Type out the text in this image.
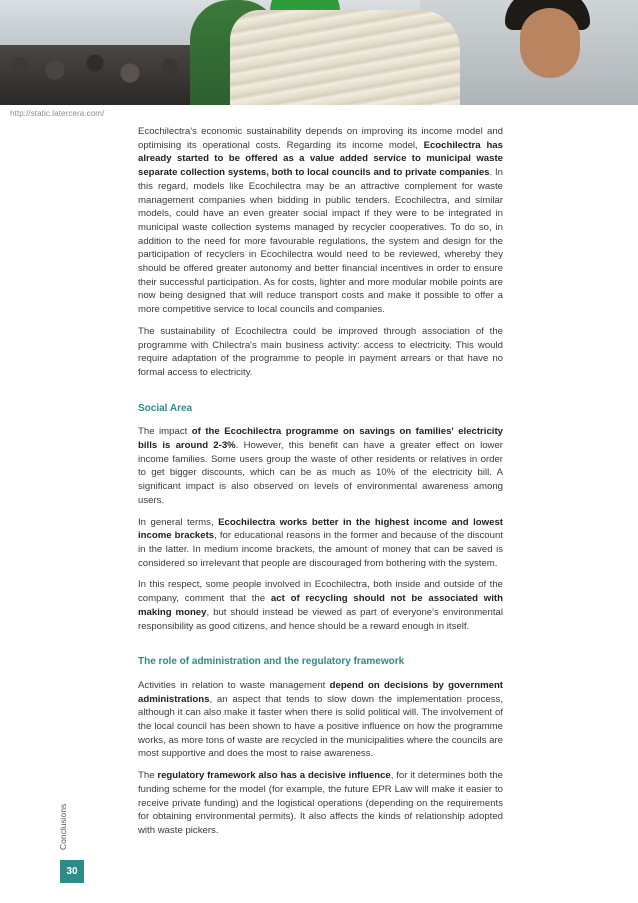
http://static.latercera.com/

Ecochilectra's economic sustainability depends on improving its income model and optimising its operational costs. Regarding its income model, Ecochilectra has already started to be offered as a value added service to municipal waste separate collection systems, both to local councils and to private companies. In this regard, models like Ecochilectra may be an attractive complement for waste management companies when bidding in public tenders. Ecochilectra, and similar models, could have an even greater social impact if they were to be integrated in municipal waste collection systems managed by recycler cooperatives. To do so, in addition to the need for more favourable regulations, the system and design for the participation of recyclers in Ecochilectra would need to be reviewed, whereby they should be offered greater autonomy and better financial incentives in order to ensure their successful participation. As for costs, lighter and more modular mobile points are now being designed that will reduce transport costs and make it possible to offer a more competitive service to local councils and companies.

The sustainability of Ecochilectra could be improved through association of the programme with Chilectra's main business activity: access to electricity. This would require adaptation of the programme to people in payment arrears or that have no formal access to electricity.

Social Area

The impact of the Ecochilectra programme on savings on families' electricity bills is around 2-3%. However, this benefit can have a greater effect on lower income families. Some users group the waste of other residents or relatives in order to get bigger discounts, which can be as much as 10% of the electricity bill. A significant impact is also observed on levels of environmental awareness among users.

In general terms, Ecochilectra works better in the highest income and lowest income brackets, for educational reasons in the former and because of the discount in the latter. In medium income brackets, the amount of money that can be saved is considered so irrelevant that people are discouraged from bothering with the system.

In this respect, some people involved in Ecochilectra, both inside and outside of the company, comment that the act of recycling should not be associated with making money, but should instead be viewed as part of everyone's environmental responsibility as good citizens, and hence should be a reward enough in itself.

The role of administration and the regulatory framework

Activities in relation to waste management depend on decisions by government administrations, an aspect that tends to slow down the implementation process, although it can also make it faster when there is solid political will. The involvement of the local council has been shown to have a positive influence on how the programme works, as more tons of waste are recycled in the municipalities where the councils are most supportive and does the most to raise awareness.

The regulatory framework also has a decisive influence, for it determines both the funding scheme for the model (for example, the future EPR Law will make it easier to receive private funding) and the logistical operations (depending on the requirements for obtaining environmental permits). It also affects the kinds of relationship adopted with waste pickers.

Conclusions
30
